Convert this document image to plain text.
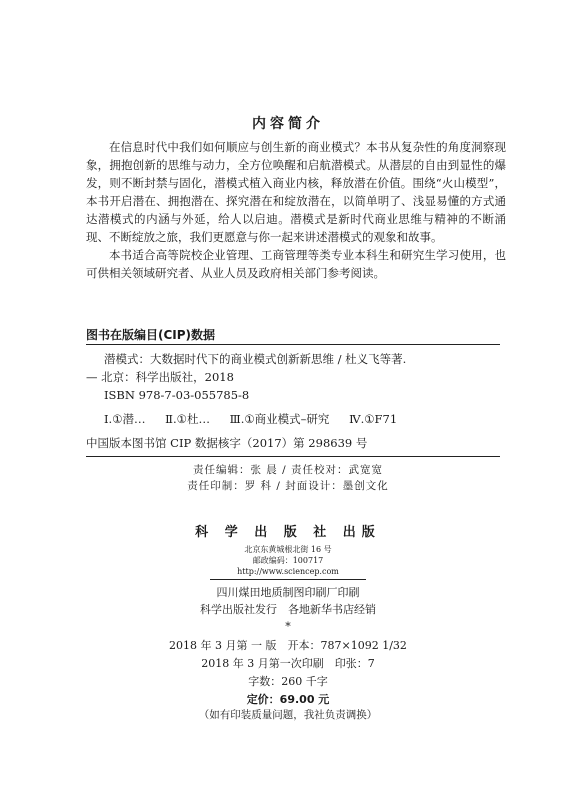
内容简介

在信息时代中我们如何顺应与创生新的商业模式？本书从复杂性的角度洞察现象，拥抱创新的思维与动力，全方位唤醒和启航潜模式。从潜层的自由到显性的爆发，则不断封禁与固化，潜模式植入商业内核，释放潜在价值。围绕“火山模型”，本书开启潜在、拥抱潜在、探究潜在和绽放潜在，以简单明了、浅显易懂的方式通达潜模式的内涵与外延，给人以启迪。潜模式是新时代商业思维与精神的不断涌现、不断绽放之旅，我们更愿意与你一起来讲述潜模式的观象和故事。

本书适合高等院校企业管理、工商管理等类专业本科生和研究生学习使用，也可供相关领域研究者、从业人员及政府相关部门参考阅读。

图书在版编目(CIP)数据
潜模式：大数据时代下的商业模式创新新思维 / 杜义飞等著.
— 北京：科学出版社，2018
ISBN 978-7-03-055785-8
Ⅰ.①潜… Ⅱ.①杜… Ⅲ.①商业模式–研究 Ⅳ.①F71
中国版本图书馆 CIP 数据核字（2017）第 298639 号
责任编辑：张 晨 / 责任校对：武宽宽
责任印制：罗 科 / 封面设计：墨创文化
科 学 出 版 社 出版
北京东黄城根北街 16 号
邮政编码：100717
http://www.sciencep.com
四川煤田地质制图印刷厂印刷
科学出版社发行　各地新华书店经销
*
2018 年 3 月第 一 版　开本：787×1092 1/32
2018 年 3 月第一次印刷　印张：7
字数：260 千字
定价：69.00 元
（如有印装质量问题，我社负责调换）
